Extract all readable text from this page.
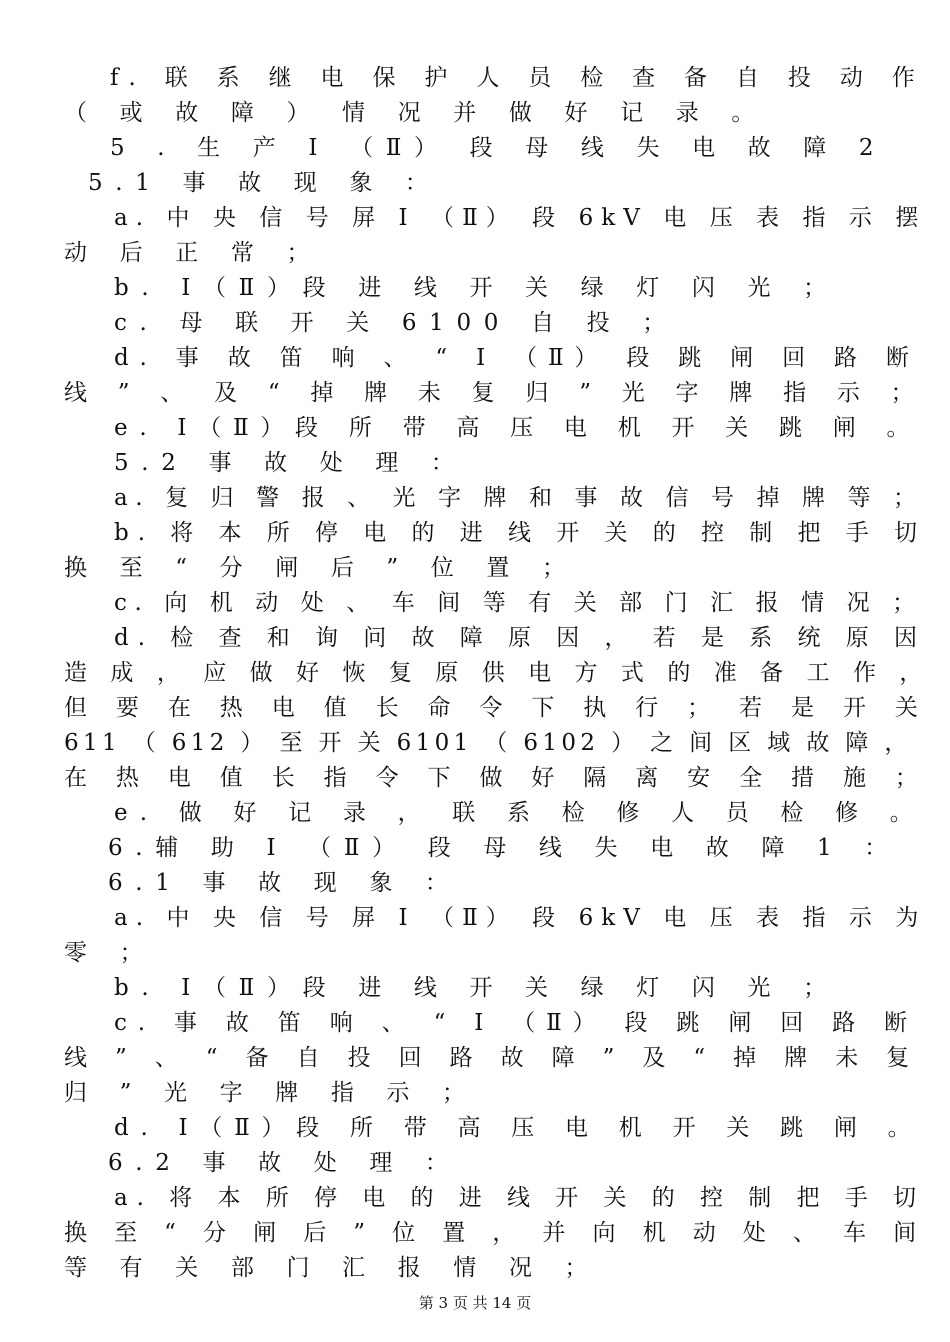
f. 联 系 继 电 保 护 人 员 检 查 备 自 投 动 作
（ 或 故 障 ） 情 况 并 做 好 记 录 。
5 . 生 产 Ⅰ （Ⅱ） 段 母 线 失 电 故 障 2
5.1 事 故 现 象 ：
a. 中 央 信 号 屏 Ⅰ （Ⅱ） 段 6kV 电 压 表 指 示 摆
动 后 正 常 ；
b. Ⅰ（Ⅱ）段 进 线 开 关 绿 灯 闪 光 ；
c. 母 联 开 关 6100 自 投 ；
d. 事 故 笛 响 、 “ Ⅰ （Ⅱ） 段 跳 闸 回 路 断
线 ” 、 及 “ 掉 牌 未 复 归 ” 光 字 牌 指 示 ；
e. Ⅰ（Ⅱ）段 所 带 高 压 电 机 开 关 跳 闸 。
5.2 事 故 处 理 ：
a. 复 归 警 报 、 光 字 牌 和 事 故 信 号 掉 牌 等 ；
b. 将 本 所 停 电 的 进 线 开 关 的 控 制 把 手 切
换 至 “ 分 闸 后 ” 位 置 ；
c. 向 机 动 处 、 车 间 等 有 关 部 门 汇 报 情 况 ；
d. 检 查 和 询 问 故 障 原 因 ， 若 是 系 统 原 因
造 成 ， 应 做 好 恢 复 原 供 电 方 式 的 准 备 工 作 ，
但 要 在 热 电 值 长 命 令 下 执 行 ； 若 是 开 关
611 （ 612 ） 至 开 关 6101 （ 6102 ） 之 间 区 域 故 障 ，
在 热 电 值 长 指 令 下 做 好 隔 离 安 全 措 施 ；
e. 做 好 记 录 ， 联 系 检 修 人 员 检 修 。
6.辅 助 Ⅰ （Ⅱ） 段 母 线 失 电 故 障 1 ：
6.1 事 故 现 象 ：
a. 中 央 信 号 屏 Ⅰ （Ⅱ） 段 6kV 电 压 表 指 示 为
零 ；
b. Ⅰ（Ⅱ）段 进 线 开 关 绿 灯 闪 光 ；
c. 事 故 笛 响 、 “ Ⅰ （Ⅱ） 段 跳 闸 回 路 断
线 ” 、 “ 备 自 投 回 路 故 障 ” 及 “ 掉 牌 未 复
归 ” 光 字 牌 指 示 ；
d. Ⅰ（Ⅱ）段 所 带 高 压 电 机 开 关 跳 闸 。
6.2 事 故 处 理 ：
a. 将 本 所 停 电 的 进 线 开 关 的 控 制 把 手 切
换 至 “ 分 闸 后 ” 位 置 ， 并 向 机 动 处 、 车 间
等 有 关 部 门 汇 报 情 况 ；
第 3 页 共 14 页
